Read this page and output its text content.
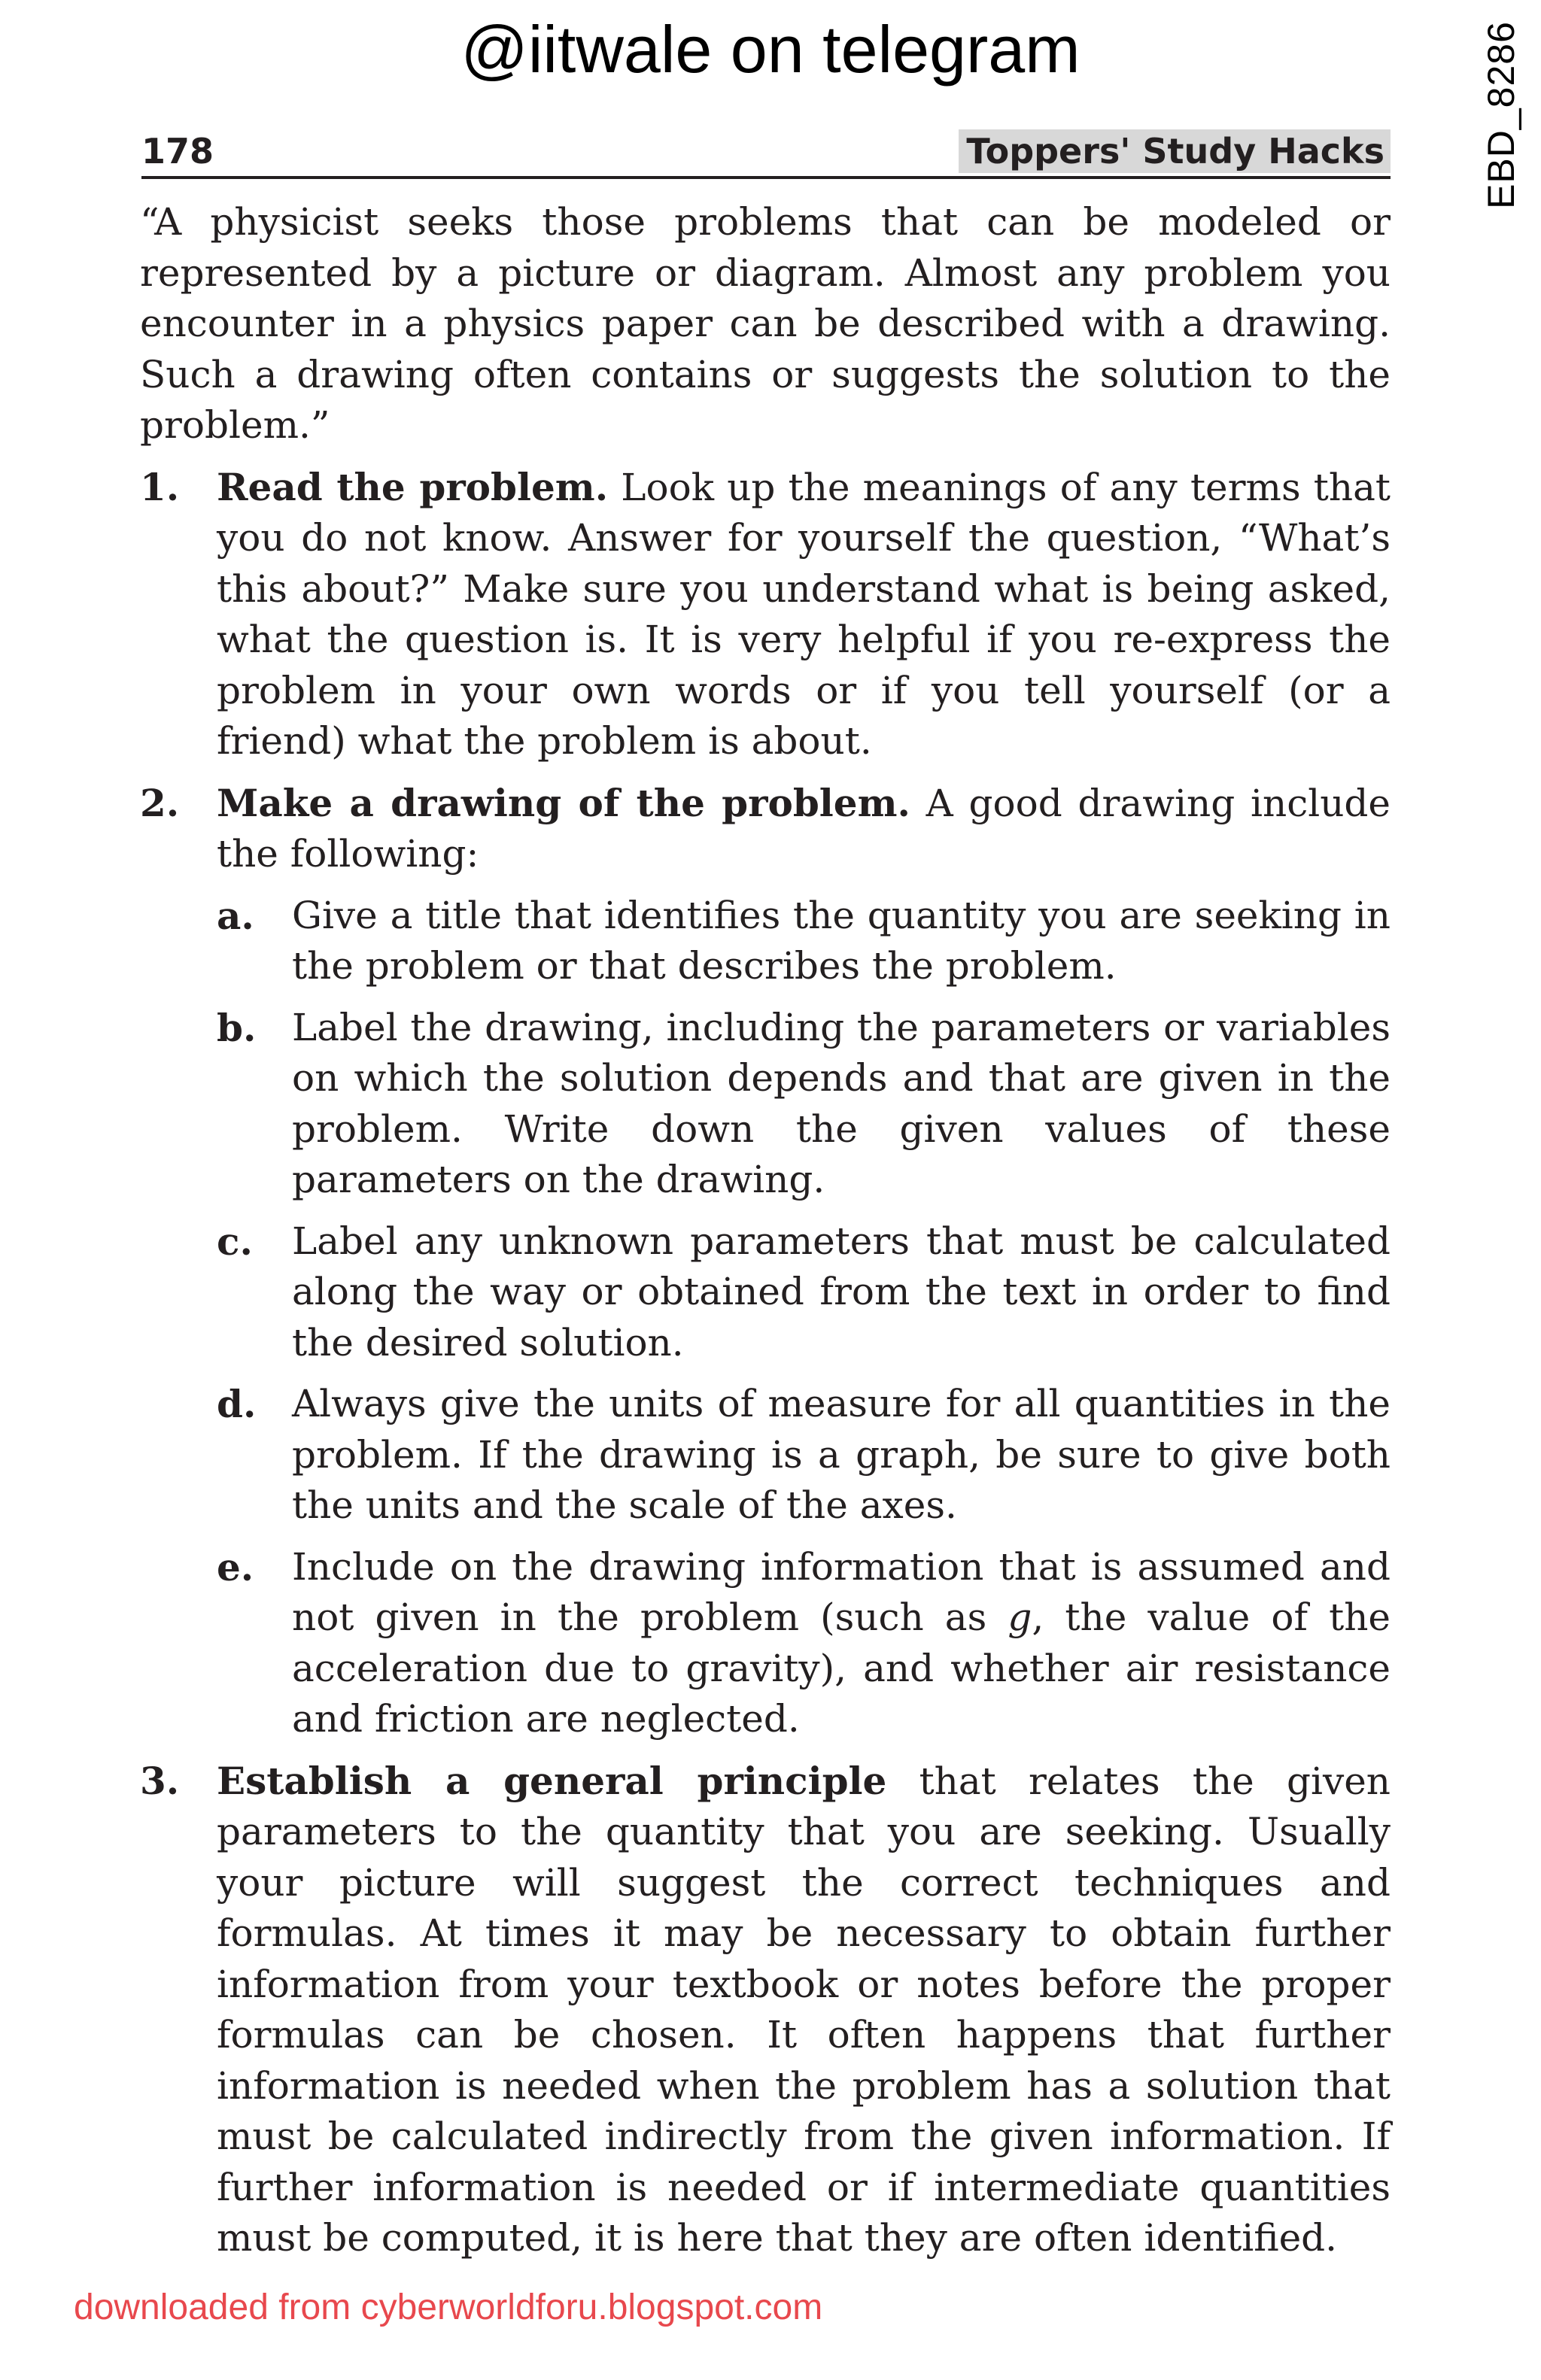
@iitwale on telegram	EBD_8286
178	Toppers' Study Hacks

“A physicist seeks those problems that can be modeled or represented by a picture or diagram. Almost any problem you encounter in a physics paper can be described with a drawing. Such a drawing often contains or suggests the solution to the problem.”

1. Read the problem. Look up the meanings of any terms that you do not know. Answer for yourself the question, “What’s this about?” Make sure you understand what is being asked, what the question is. It is very helpful if you re-express the problem in your own words or if you tell yourself (or a friend) what the problem is about.
2. Make a drawing of the problem. A good drawing include the following:
a.	Give a title that identifies the quantity you are seeking in the problem or that describes the problem.
b. Label the drawing, including the parameters or variables on which the solution depends and that are given in the problem. Write down the given values of these parameters on the drawing.
c.	Label any unknown parameters that must be calculated along the way or obtained from the text in order to find the desired solution.
d. Always give the units of measure for all quantities in the problem. If the drawing is a graph, be sure to give both the units and the scale of the axes.
e.	Include on the drawing information that is assumed and not given in the problem (such as g, the value of the acceleration due to gravity), and whether air resistance and friction are neglected.
3. Establish a general principle that relates the given parameters to the quantity that you are seeking. Usually your picture will suggest the correct techniques and formulas. At times it may be necessary to obtain further information from your textbook or notes before the proper formulas can be chosen. It often happens that further information is needed when the problem has a solution that must be calculated indirectly from the given information. If further information is needed or if intermediate quantities must be computed, it is here that they are often identified.
downloaded from cyberworldforu.blogspot.com
